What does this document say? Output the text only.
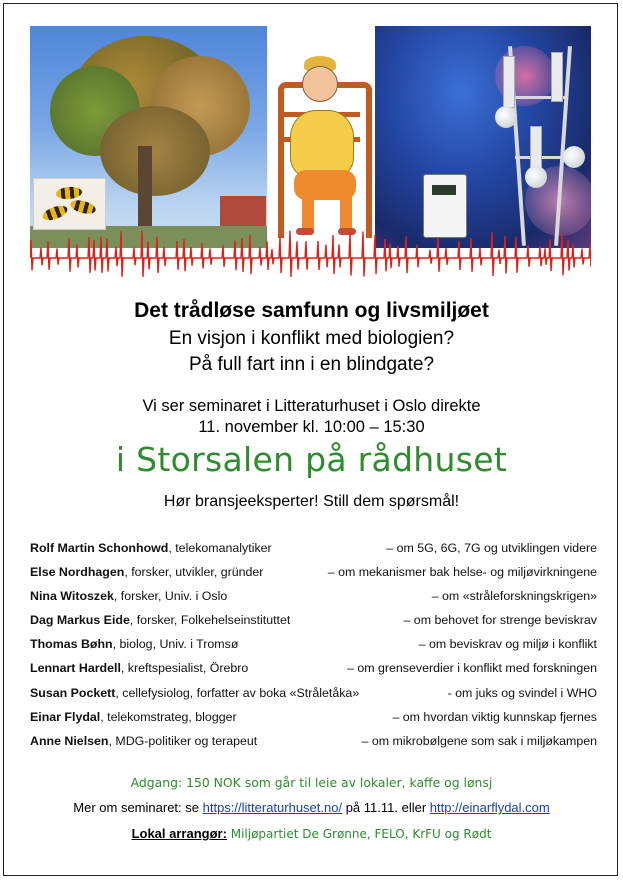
Det trådløse samfunn og livsmiljøet
En visjon i konflikt med biologien?
På full fart inn i en blindgate?
Vi ser seminaret i Litteraturhuset i Oslo direkte
11. november kl. 10:00 – 15:30
i Storsalen på rådhuset
Hør bransjeeksperter! Still dem spørsmål!
Rolf Martin Schonhowd, telekomanalytiker	– om 5G, 6G, 7G og utviklingen videre
Else Nordhagen, forsker, utvikler, gründer	– om mekanismer bak helse- og miljøvirkningene
Nina Witoszek, forsker, Univ. i Oslo	– om «stråleforskningskrigen»
Dag Markus Eide, forsker, Folkehelseinstituttet	– om behovet for strenge beviskrav
Thomas Bøhn, biolog, Univ. i Tromsø	– om beviskrav og miljø i konflikt
Lennart Hardell, kreftspesialist, Örebro	– om grenseverdier i konflikt med forskningen
Susan Pockett, cellefysiolog, forfatter av boka «Stråletåka»	- om juks og svindel i WHO
Einar Flydal, telekomstrateg, blogger	– om hvordan viktig kunnskap fjernes
Anne Nielsen, MDG-politiker og terapeut	– om mikrobølgene som sak i miljøkampen
Adgang: 150 NOK som går til leie av lokaler, kaffe og lønsj
Mer om seminaret: se https://litteraturhuset.no/ på 11.11. eller http://einarflydal.com
Lokal arrangør: Miljøpartiet De Grønne, FELO, KrFU og Rødt
